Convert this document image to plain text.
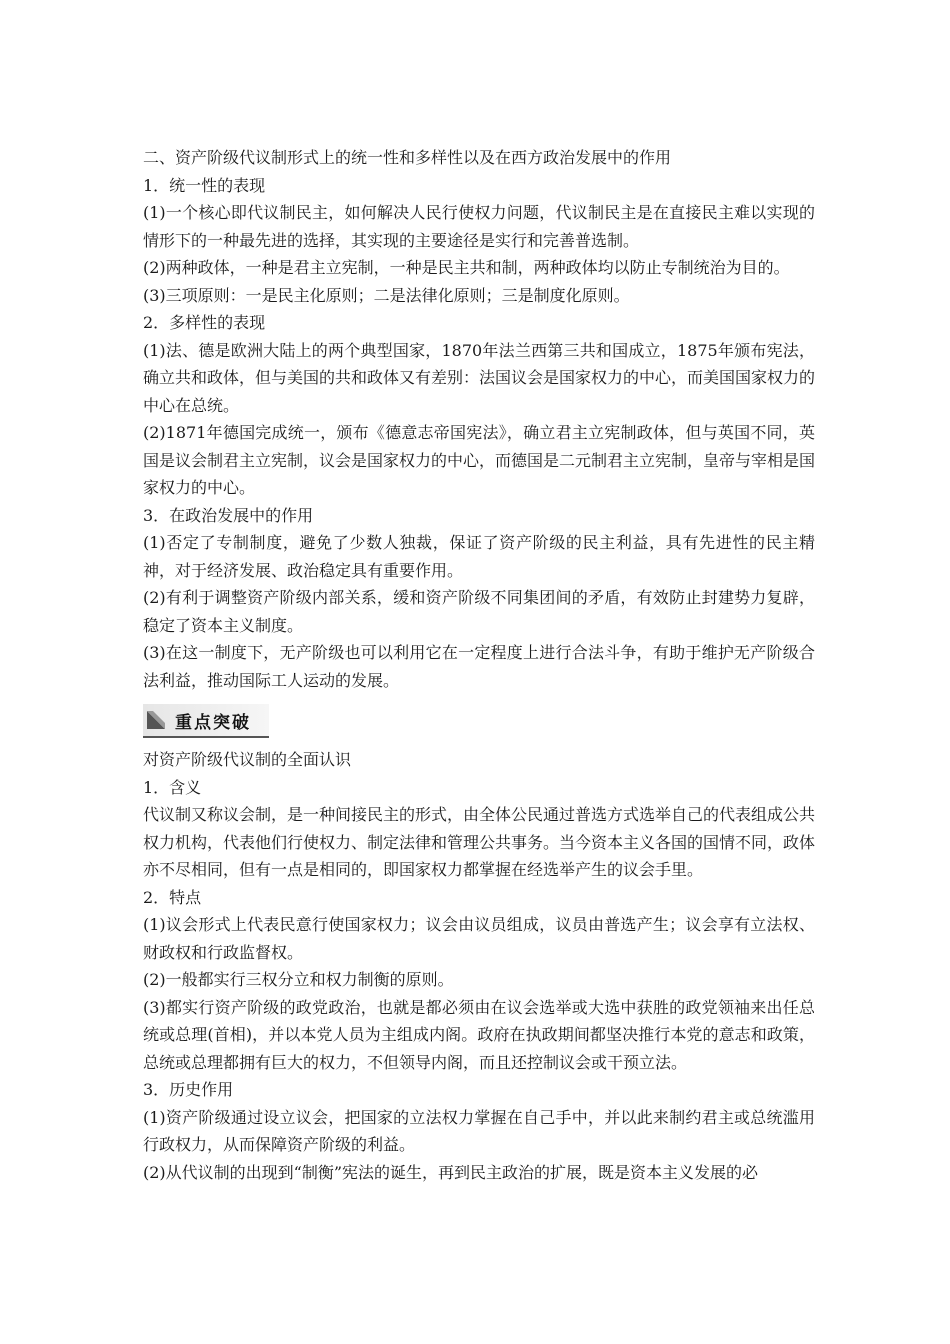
二、资产阶级代议制形式上的统一性和多样性以及在西方政治发展中的作用
1．统一性的表现
(1)一个核心即代议制民主，如何解决人民行使权力问题，代议制民主是在直接民主难以实现的情形下的一种最先进的选择，其实现的主要途径是实行和完善普选制。
(2)两种政体，一种是君主立宪制，一种是民主共和制，两种政体均以防止专制统治为目的。
(3)三项原则：一是民主化原则；二是法律化原则；三是制度化原则。
2．多样性的表现
(1)法、德是欧洲大陆上的两个典型国家，1870年法兰西第三共和国成立，1875年颁布宪法，确立共和政体，但与美国的共和政体又有差别：法国议会是国家权力的中心，而美国国家权力的中心在总统。
(2)1871年德国完成统一，颁布《德意志帝国宪法》，确立君主立宪制政体，但与英国不同，英国是议会制君主立宪制，议会是国家权力的中心，而德国是二元制君主立宪制，皇帝与宰相是国家权力的中心。
3．在政治发展中的作用
(1)否定了专制制度，避免了少数人独裁，保证了资产阶级的民主利益，具有先进性的民主精神，对于经济发展、政治稳定具有重要作用。
(2)有利于调整资产阶级内部关系，缓和资产阶级不同集团间的矛盾，有效防止封建势力复辟，稳定了资本主义制度。
(3)在这一制度下，无产阶级也可以利用它在一定程度上进行合法斗争，有助于维护无产阶级合法利益，推动国际工人运动的发展。
重点突破
对资产阶级代议制的全面认识
1．含义
代议制又称议会制，是一种间接民主的形式，由全体公民通过普选方式选举自己的代表组成公共权力机构，代表他们行使权力、制定法律和管理公共事务。当今资本主义各国的国情不同，政体亦不尽相同，但有一点是相同的，即国家权力都掌握在经选举产生的议会手里。
2．特点
(1)议会形式上代表民意行使国家权力；议会由议员组成，议员由普选产生；议会享有立法权、财政权和行政监督权。
(2)一般都实行三权分立和权力制衡的原则。
(3)都实行资产阶级的政党政治，也就是都必须由在议会选举或大选中获胜的政党领袖来出任总统或总理(首相)，并以本党人员为主组成内阁。政府在执政期间都坚决推行本党的意志和政策，总统或总理都拥有巨大的权力，不但领导内阁，而且还控制议会或干预立法。
3．历史作用
(1)资产阶级通过设立议会，把国家的立法权力掌握在自己手中，并以此来制约君主或总统滥用行政权力，从而保障资产阶级的利益。
(2)从代议制的出现到“制衡”宪法的诞生，再到民主政治的扩展，既是资本主义发展的必
